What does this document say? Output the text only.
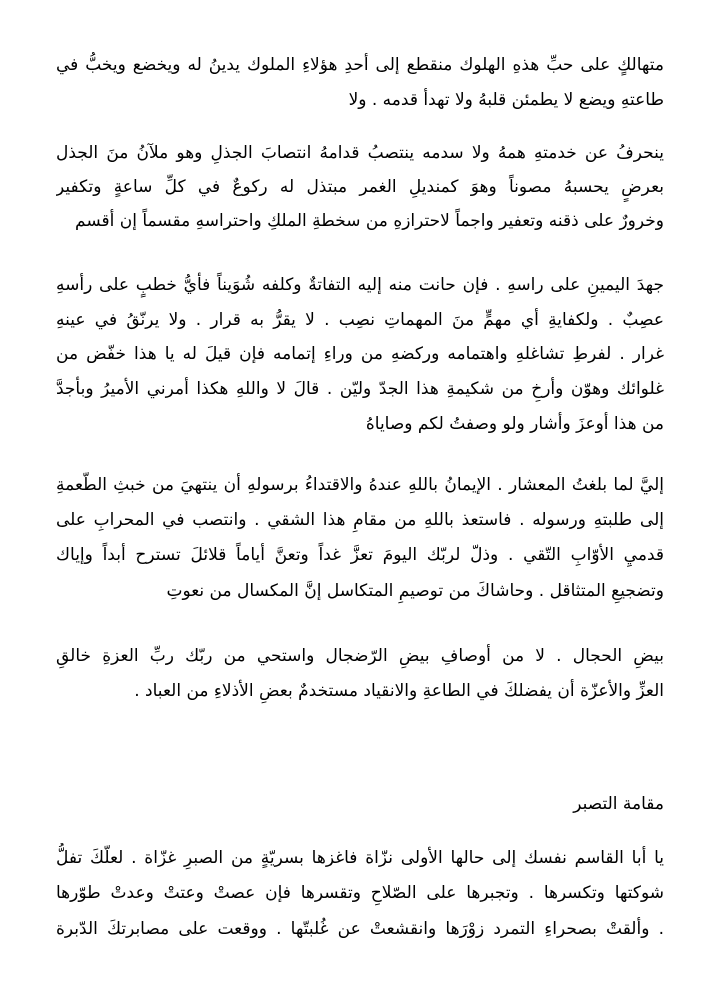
متهالكٍ على حبِّ هذهِ الهلوك منقطع إلى أحدِ هؤلاءِ الملوك يدينُ له ويخضع ويخبُّ في
طاعتهِ ويضع لا يطمئن قلبهُ ولا تهدأ قدمه . ولا
ينحرفُ عن خدمتهِ همهُ ولا سدمه ينتصبُ قدامهُ انتصابَ الجذلِ وهو ملآنُ منَ الجذل
بعرضٍ يحسبهُ مصوناً وهوَ كمنديلِ الغمر مبتذل له ركوعٌ في كلِّ ساعةٍ وتكفير
وخرورٌ على ذقنه وتعفير واجماً لاحترازهِ من سخطةِ الملكِ واحتراسهِ مقسماً إن أقسم
جهدَ اليمينِ على راسهِ . فإن حانت منه إليه التفاتةٌ وكلفه شُوَيناً فأيُّ خطبٍ على رأسهِ
عصِبٌ . ولكفايةِ أي مهمٍّ منَ المهماتِ نصِب . لا يقرُّ به قرار . ولا يرنّقُ في عينهِ
غرار . لفرطِ تشاغلهِ واهتمامه وركضهِ من وراءِ إتمامه فإن قيلَ له يا هذا خفّض من
غلوائك وهوّن وأرخِ من شكيمةِ هذا الجدّ وليّن . قالَ لا واللهِ هكذا أمرني الأميرُ وبأجدَّ
من هذا أوعزَ وأشار ولو وصفتُ لكم وصاياهُ
إليَّ لما بلغتُ المعشار . الإيمانُ باللهِ عندهُ والاقتداءُ برسولهِ أن ينتهيَ من خبثِ الطّعمةِ
إلى طلبتهِ ورسوله . فاستعذ باللهِ من مقامِ هذا الشقي . وانتصب في المحرابِ على
قدميِ الأوّابِ التّقي . وذلّ لربّك اليومَ تعزَّ غداً وتعنَّ أياماً قلائلَ تسترح أبداً وإياك
وتضجيعِ المتثاقل . وحاشاكَ من توصيمِ المتكاسل إنَّ المكسال من نعوتِ
بيضِ الحجال . لا من أوصافِ بيضِ الرّضجال واستحي من ربّك ربِّ العزةِ خالقِ
العزِّ والأعزّة أن يفضلكَ في الطاعةِ والانقياد مستخدمٌ بعضِ الأذلاءِ من العباد .
مقامة التصبر
يا أبا القاسم نفسك إلى حالها الأولى نزّاة فاغزها بسريّةٍ من الصبرِ غزّاة . لعلّكَ تفلُّ
شوكتها وتكسرها . وتجبرها على الصّلاحِ وتقسرها فإن عصتْ وعتتْ وعدتْ طوّرها
. وألقتْ بصحراءِ التمرد زوْرَها وانقشعتْ عن غُلبتّها . ووقعت على مصابرتكَ الدّبرة
